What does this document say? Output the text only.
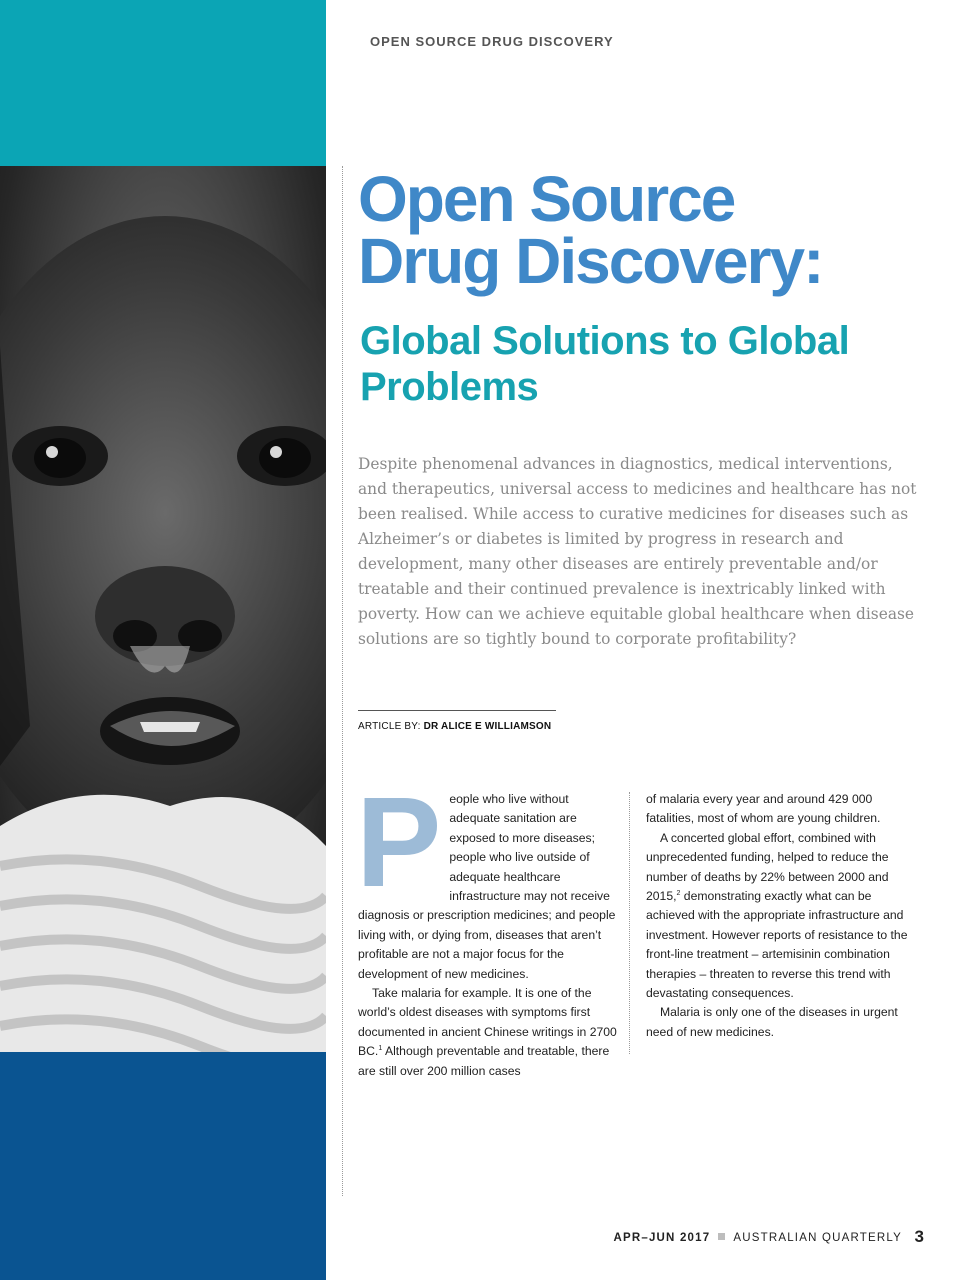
OPEN SOURCE DRUG DISCOVERY
Open Source
Drug Discovery:
Global Solutions to Global Problems

Despite phenomenal advances in diagnostics, medical interventions, and therapeutics, universal access to medicines and healthcare has not been realised. While access to curative medicines for diseases such as Alzheimer’s or diabetes is limited by progress in research and development, many other diseases are entirely preventable and/or treatable and their continued prevalence is inextricably linked with poverty. How can we achieve equitable global healthcare when disease solutions are so tightly bound to corporate profitability?

ARTICLE BY: DR ALICE E WILLIAMSON

People who live without adequate sanitation are exposed to more diseases; people who live outside of adequate healthcare infrastructure may not receive diagnosis or prescription medicines; and people living with, or dying from, diseases that aren’t profitable are not a major focus for the development of new medicines.

Take malaria for example. It is one of the world’s oldest diseases with symptoms first documented in ancient Chinese writings in 2700 BC.$^1$ Although preventable and treatable, there are still over 200 million cases

of malaria every year and around 429 000 fatalities, most of whom are young children.

A concerted global effort, combined with unprecedented funding, helped to reduce the number of deaths by 22% between 2000 and 2015,$^2$ demonstrating exactly what can be achieved with the appropriate infrastructure and investment. However reports of resistance to the front-line treatment – artemisinin combination therapies – threaten to reverse this trend with devastating consequences.

Malaria is only one of the diseases in urgent need of new medicines.

APR–JUN 2017 AUSTRALIAN QUARTERLY 3
